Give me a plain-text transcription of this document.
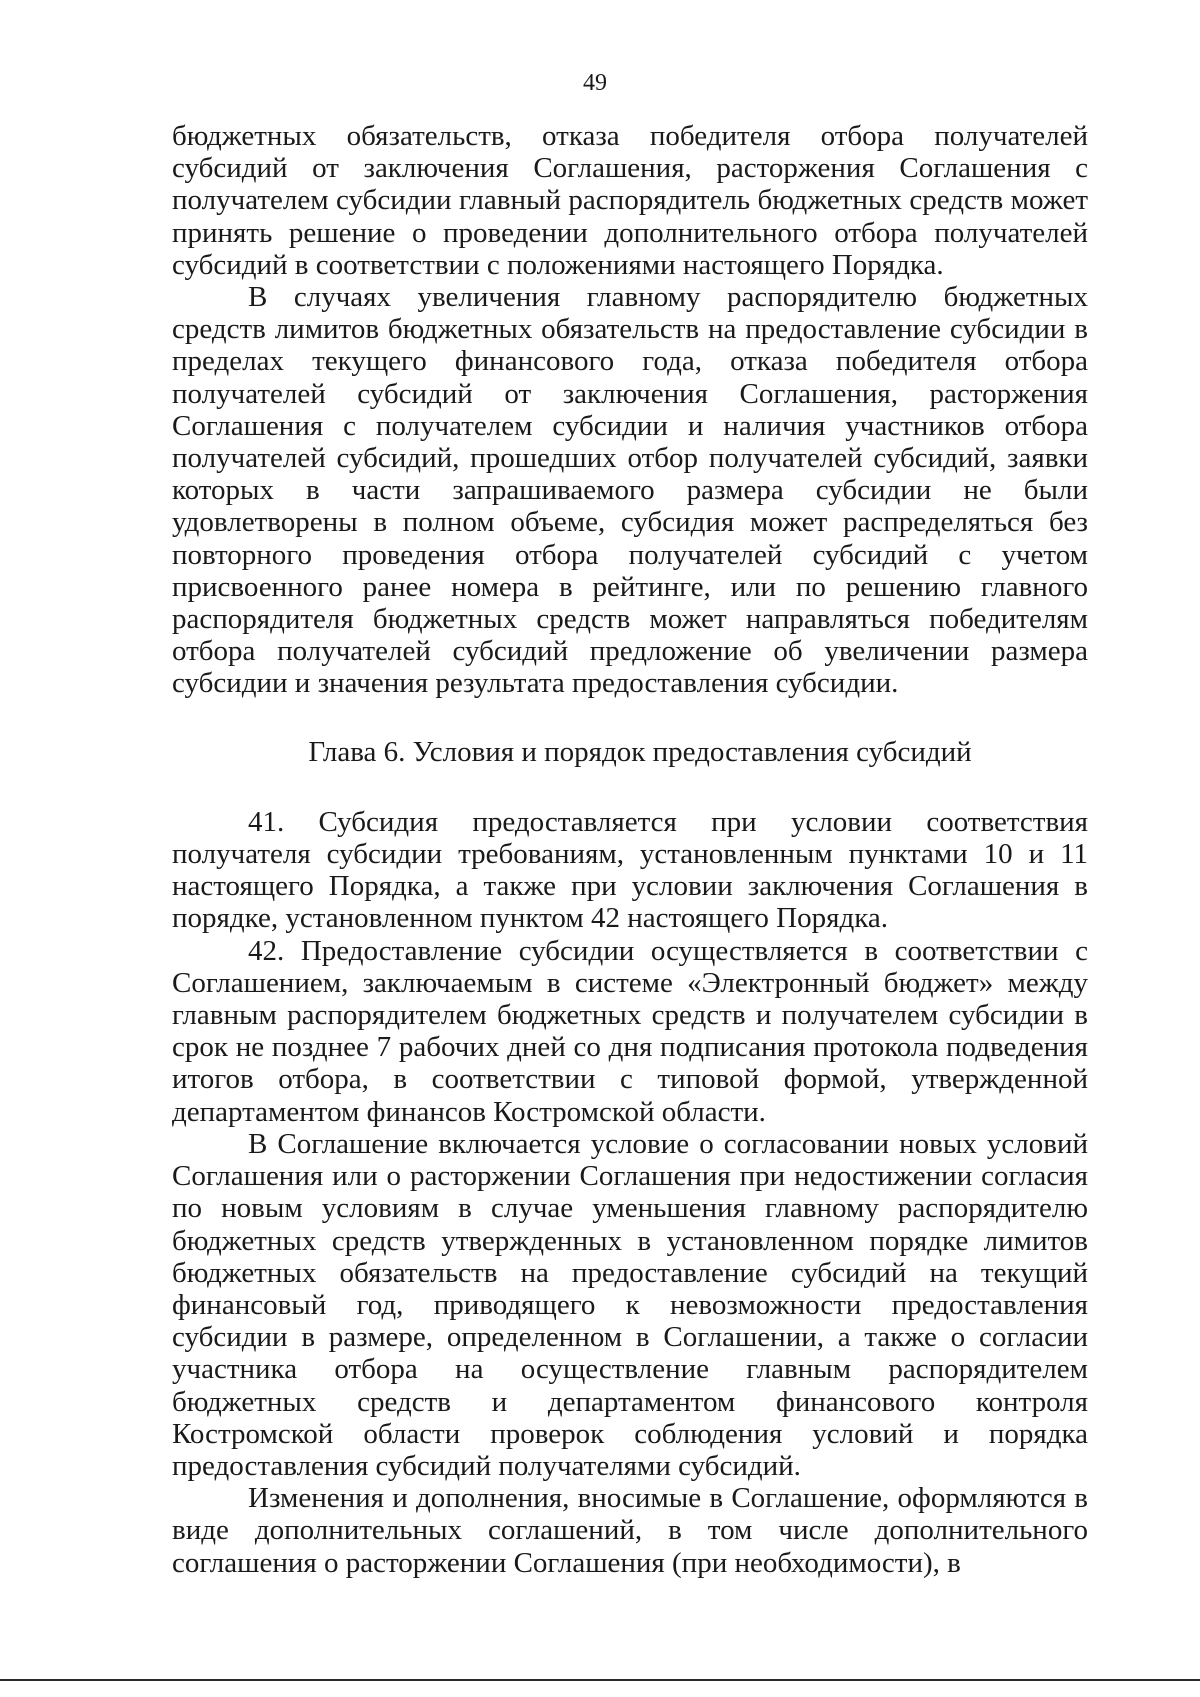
49

бюджетных обязательств, отказа победителя отбора получателей субсидий от заключения Соглашения, расторжения Соглашения с получателем субсидии главный распорядитель бюджетных средств может принять решение о проведении дополнительного отбора получателей субсидий в соответствии с положениями настоящего Порядка.

В случаях увеличения главному распорядителю бюджетных средств лимитов бюджетных обязательств на предоставление субсидии в пределах текущего финансового года, отказа победителя отбора получателей субсидий от заключения Соглашения, расторжения Соглашения с получателем субсидии и наличия участников отбора получателей субсидий, прошедших отбор получателей субсидий, заявки которых в части запрашиваемого размера субсидии не были удовлетворены в полном объеме, субсидия может распределяться без повторного проведения отбора получателей субсидий с учетом присвоенного ранее номера в рейтинге, или по решению главного распорядителя бюджетных средств может направляться победителям отбора получателей субсидий предложение об увеличении размера субсидии и значения результата предоставления субсидии.

Глава 6. Условия и порядок предоставления субсидий

41. Субсидия предоставляется при условии соответствия получателя субсидии требованиям, установленным пунктами 10 и 11 настоящего Порядка, а также при условии заключения Соглашения в порядке, установленном пунктом 42 настоящего Порядка.

42. Предоставление субсидии осуществляется в соответствии с Соглашением, заключаемым в системе «Электронный бюджет» между главным распорядителем бюджетных средств и получателем субсидии в срок не позднее 7 рабочих дней со дня подписания протокола подведения итогов отбора, в соответствии с типовой формой, утвержденной департаментом финансов Костромской области.

В Соглашение включается условие о согласовании новых условий Соглашения или о расторжении Соглашения при недостижении согласия по новым условиям в случае уменьшения главному распорядителю бюджетных средств утвержденных в установленном порядке лимитов бюджетных обязательств на предоставление субсидий на текущий финансовый год, приводящего к невозможности предоставления субсидии в размере, определенном в Соглашении, а также о согласии участника отбора на осуществление главным распорядителем бюджетных средств и департаментом финансового контроля Костромской области проверок соблюдения условий и порядка предоставления субсидий получателями субсидий.

Изменения и дополнения, вносимые в Соглашение, оформляются в виде дополнительных соглашений, в том числе дополнительного соглашения о расторжении Соглашения (при необходимости), в
